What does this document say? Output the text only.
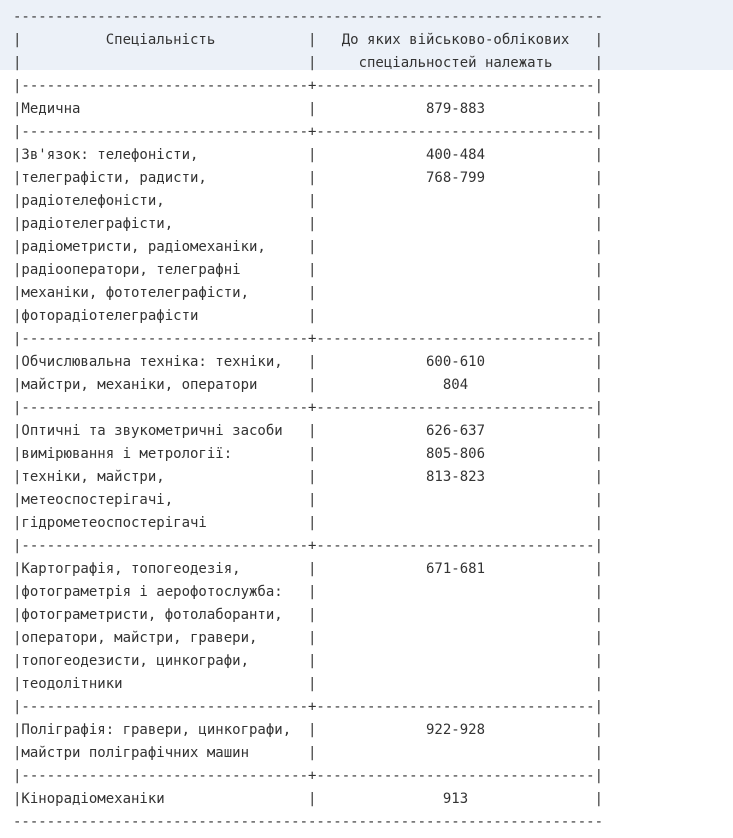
----------------------------------------------------------------------
|          Спеціальність           |   До яких військово-облікових   |
|                                  |     спеціальностей належать     |
|----------------------------------+---------------------------------|
|Медична                           |             879-883             |
|----------------------------------+---------------------------------|
|Зв'язок: телефоністи,             |             400-484             |
|телеграфісти, радисти,            |             768-799             |
|радіотелефоністи,                 |                                 |
|радіотелеграфісти,                |                                 |
|радіометристи, радіомеханіки,     |                                 |
|радіооператори, телеграфні        |                                 |
|механіки, фототелеграфісти,       |                                 |
|фоторадіотелеграфісти             |                                 |
|----------------------------------+---------------------------------|
|Обчислювальна техніка: техніки,   |             600-610             |
|майстри, механіки, оператори      |               804               |
|----------------------------------+---------------------------------|
|Оптичні та звукометричні засоби   |             626-637             |
|вимірювання і метрології:         |             805-806             |
|техніки, майстри,                 |             813-823             |
|метеоспостерігачі,                |                                 |
|гідрометеоспостерігачі            |                                 |
|----------------------------------+---------------------------------|
|Картографія, топогеодезія,        |             671-681             |
|фотограметрія і аерофотослужба:   |                                 |
|фотограметристи, фотолаборанти,   |                                 |
|оператори, майстри, гравери,      |                                 |
|топогеодезисти, цинкографи,       |                                 |
|теодолітники                      |                                 |
|----------------------------------+---------------------------------|
|Поліграфія: гравери, цинкографи,  |             922-928             |
|майстри поліграфічних машин       |                                 |
|----------------------------------+---------------------------------|
|Кінорадіомеханіки                 |               913               |
----------------------------------------------------------------------
